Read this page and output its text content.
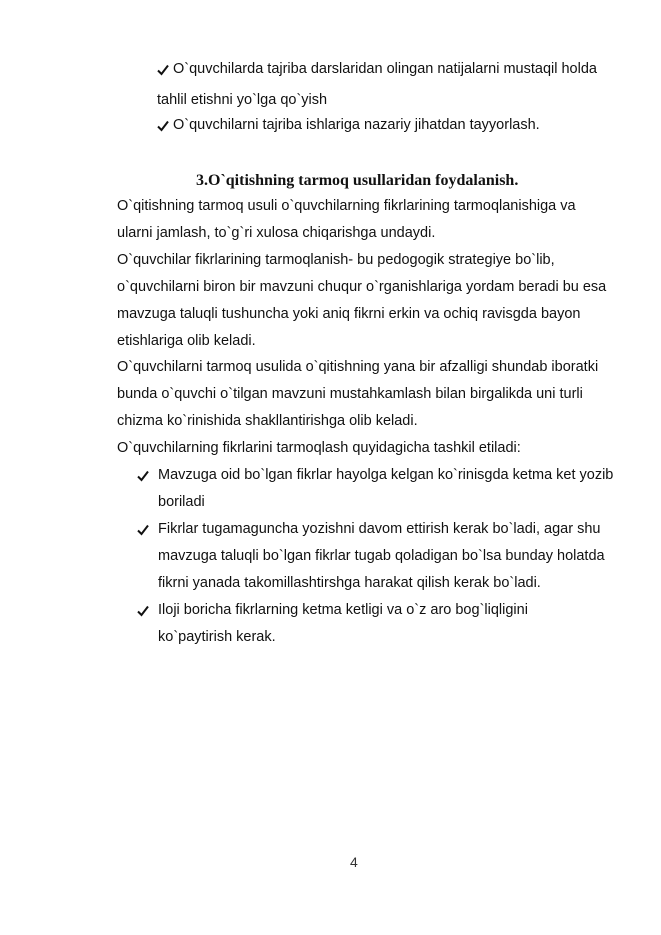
O`quvchilarda tajriba darslaridan olingan natijalarni mustaqil holda
tahlil etishni yo`lga qo`yish
O`quvchilarni tajriba ishlariga nazariy jihatdan tayyorlash.
3.O`qitishning tarmoq usullaridan foydalanish.
O`qitishning tarmoq usuli o`quvchilarning fikrlarining tarmoqlanishiga va
ularni jamlash, to`g`ri xulosa chiqarishga undaydi.
O`quvchilar fikrlarining tarmoqlanish- bu pedogogik strategiye bo`lib,
o`quvchilarni biron bir mavzuni chuqur o`rganishlariga yordam beradi bu esa
mavzuga taluqli tushuncha yoki aniq fikrni erkin va ochiq ravisgda bayon
etishlariga olib keladi.
O`quvchilarni tarmoq usulida o`qitishning yana bir afzalligi shundab iboratki
bunda o`quvchi o`tilgan mavzuni mustahkamlash bilan birgalikda uni turli
chizma ko`rinishida shakllantirishga olib keladi.
O`quvchilarning fikrlarini tarmoqlash quyidagicha tashkil etiladi:
Mavzuga oid bo`lgan fikrlar hayolga kelgan ko`rinisgda ketma ket yozib
boriladi
Fikrlar tugamaguncha yozishni davom ettirish kerak bo`ladi, agar shu
mavzuga taluqli bo`lgan fikrlar tugab qoladigan bo`lsa bunday holatda
fikrni yanada takomillashtirshga harakat qilish kerak bo`ladi.
Iloji boricha fikrlarning ketma ketligi va o`z aro bog`liqligini
ko`paytirish kerak.
4
